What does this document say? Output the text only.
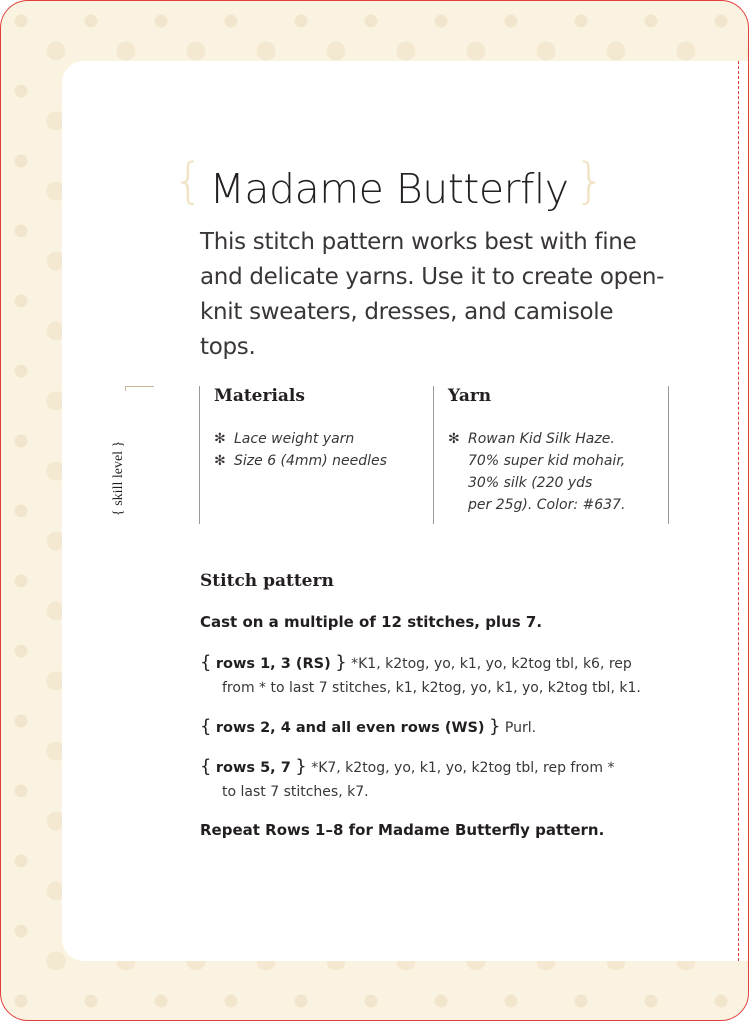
{ Madame Butterfly }
This stitch pattern works best with fine and delicate yarns. Use it to create open-knit sweaters, dresses, and camisole tops.
{ skill level }
Materials
✻ Lace weight yarn
✻ Size 6 (4mm) needles
Yarn
✻ Rowan Kid Silk Haze.
70% super kid mohair,
30% silk (220 yds
per 25g). Color: #637.
Stitch pattern
Cast on a multiple of 12 stitches, plus 7.
{ rows 1, 3 (RS) } *K1, k2tog, yo, k1, yo, k2tog tbl, k6, rep
from * to last 7 stitches, k1, k2tog, yo, k1, yo, k2tog tbl, k1.
{ rows 2, 4 and all even rows (WS) } Purl.
{ rows 5, 7 } *K7, k2tog, yo, k1, yo, k2tog tbl, rep from *
to last 7 stitches, k7.
Repeat Rows 1–8 for Madame Butterfly pattern.
